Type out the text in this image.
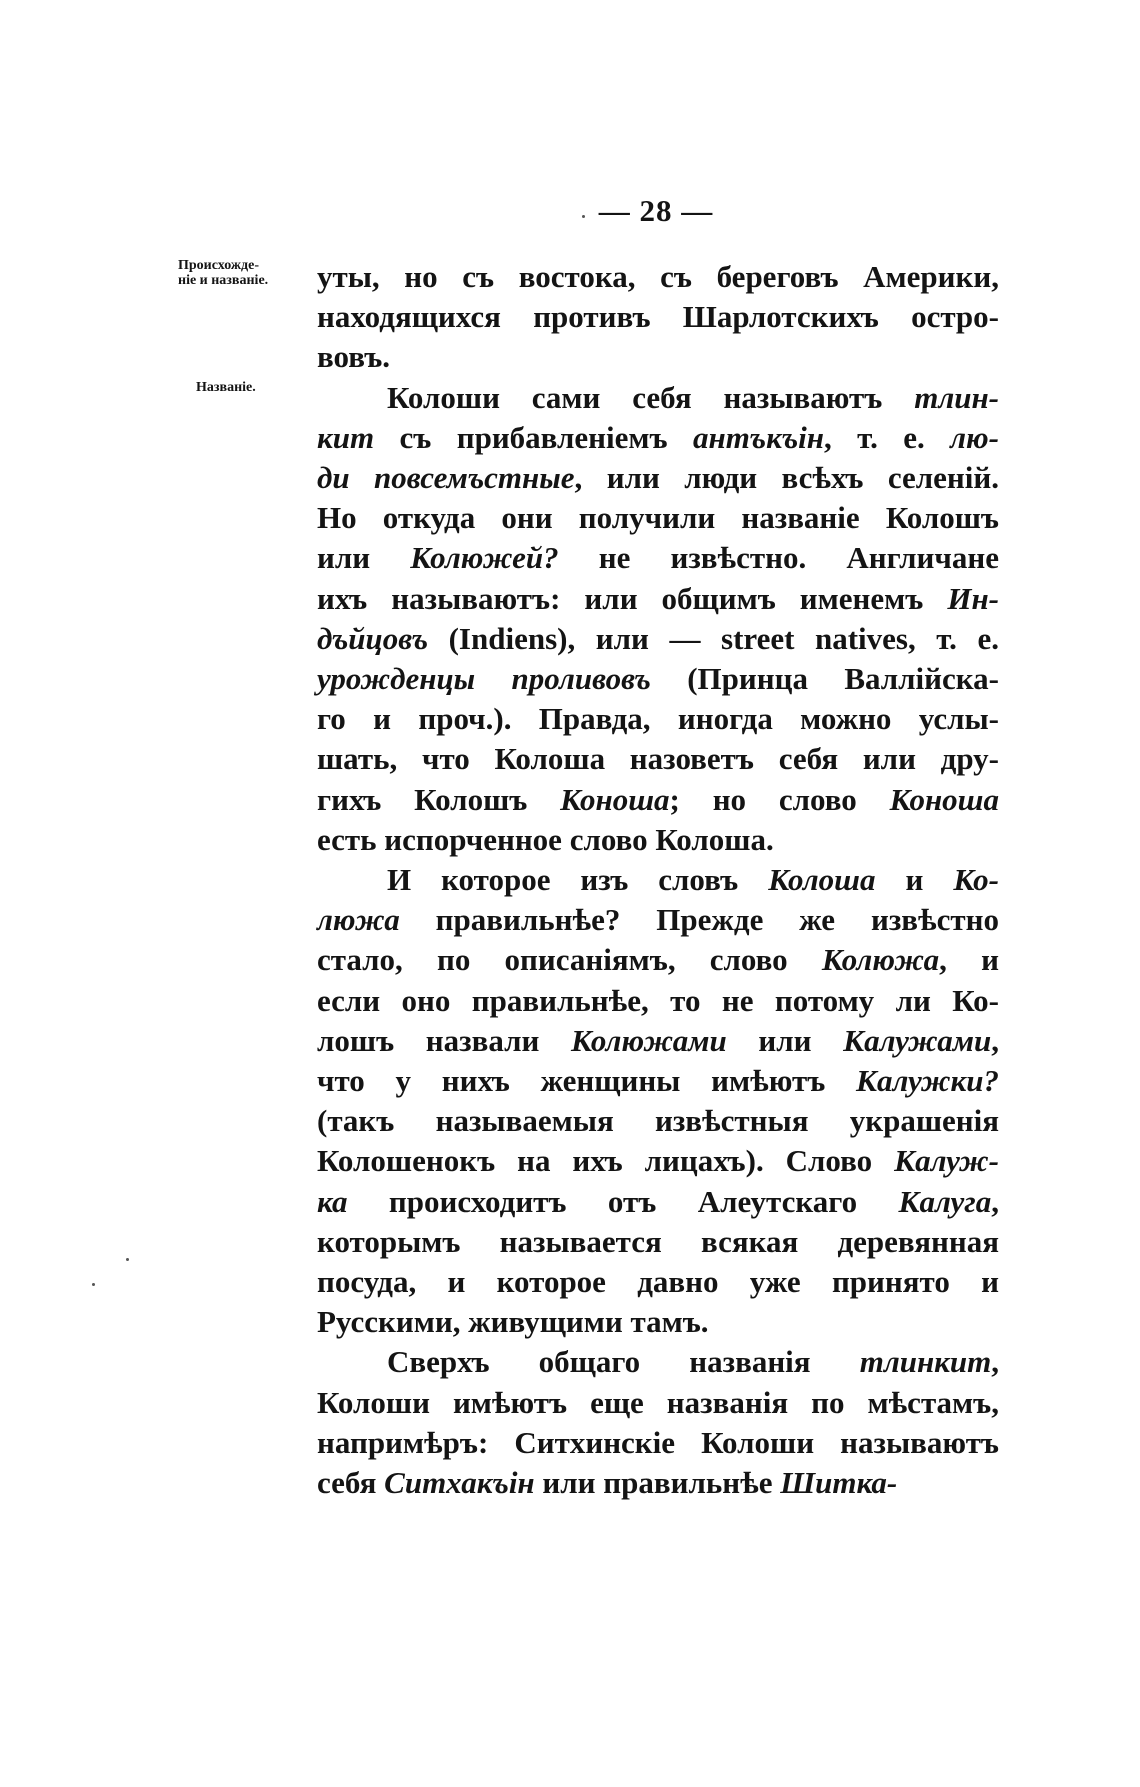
— 28 —
Происхожде-
ніе и названіе.
Названіе.

уты, но съ востока, съ береговъ Америки,
находящихся противъ Шарлотскихъ остро-
вовъ.

Колоши сами себя называютъ тлин-
кит съ прибавленіемъ антъкъін, т. е. лю-
ди повсемъстные, или люди всѣхъ селеній.
Но откуда они получили названіе Колошъ
или Колюжей? не извѣстно. Англичане
ихъ называютъ: или общимъ именемъ Ин-
дъйцовъ (Indiens), или — street natives, т. е.
урожденцы проливовъ (Принца Валлійска-
го и проч.). Правда, иногда можно услы-
шать, что Колоша назоветъ себя или дру-
гихъ Колошъ Коноша; но слово Коноша
есть испорченное слово Колоша.

И которое изъ словъ Колоша и Ко-
люжа правильнѣе? Прежде же извѣстно
стало, по описаніямъ, слово Колюжа, и
если оно правильнѣе, то не потому ли Ко-
лошъ назвали Колюжами или Калужами,
что у нихъ женщины имѣютъ Калужки?
(такъ называемыя извѣстныя украшенія
Колошенокъ на ихъ лицахъ). Слово Калуж-
ка происходитъ отъ Алеутскаго Калуга,
которымъ называется всякая деревянная
посуда, и которое давно уже принято и
Русскими, живущими тамъ.

Сверхъ общаго названія тлинкит,
Колоши имѣютъ еще названія по мѣстамъ,
напримѣръ: Ситхинскіе Колоши называютъ
себя Ситхакъін или правильнѣе Шитка-
